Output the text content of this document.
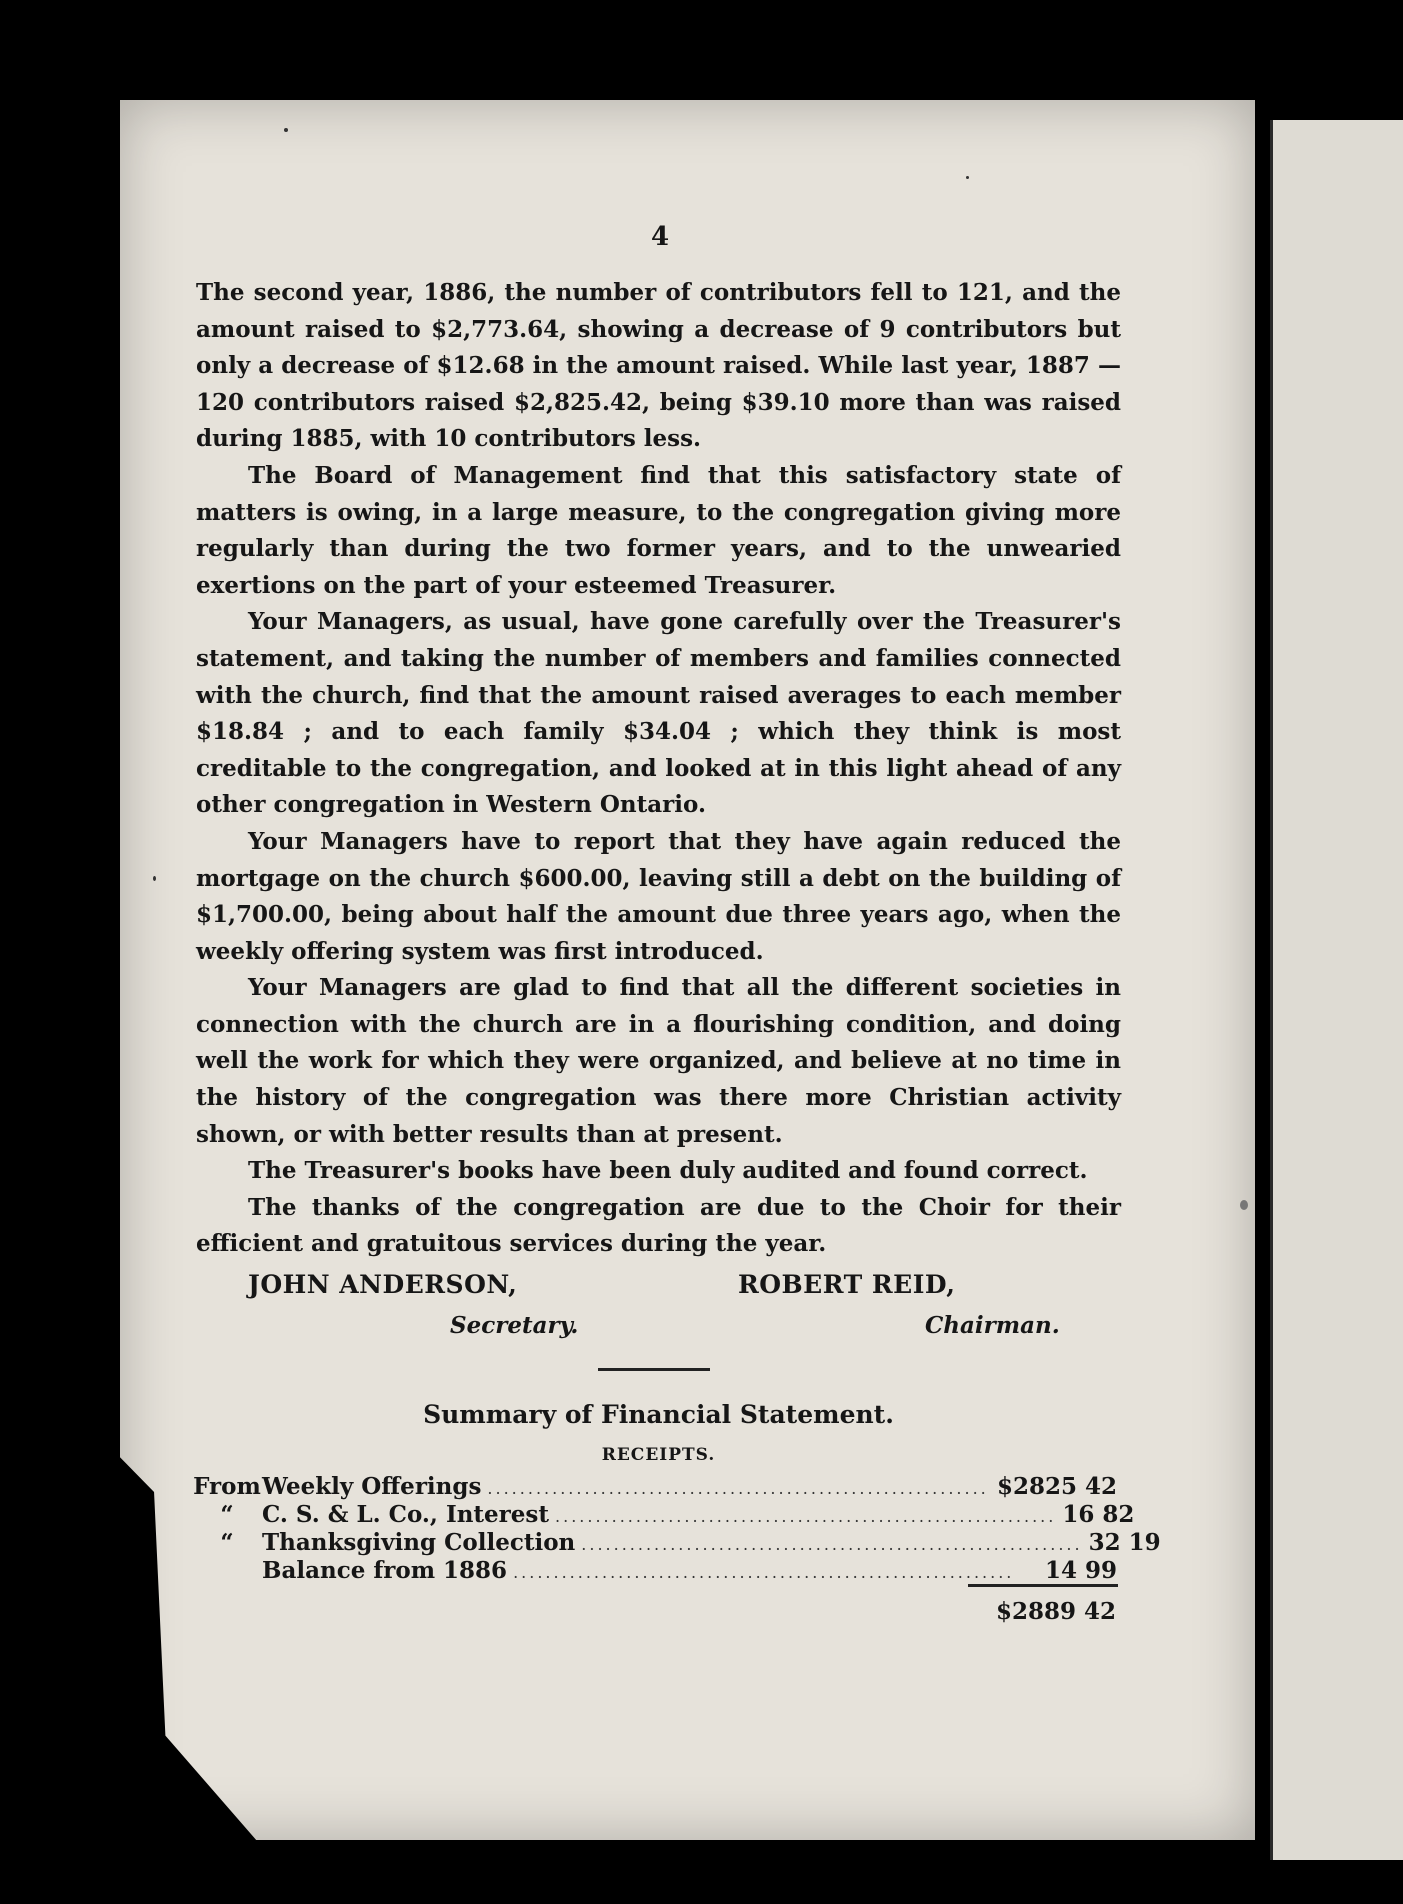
4

The second year, 1886, the number of contributors fell to 121, and the amount raised to $2,773.64, showing a decrease of 9 contributors but only a decrease of $12.68 in the amount raised. While last year, 1887 —120 contributors raised $2,825.42, being $39.10 more than was raised during 1885, with 10 contributors less.

The Board of Management find that this satisfactory state of matters is owing, in a large measure, to the congregation giving more regularly than during the two former years, and to the unwearied exertions on the part of your esteemed Treasurer.

Your Managers, as usual, have gone carefully over the Treasurer's statement, and taking the number of members and families connected with the church, find that the amount raised averages to each member $18.84 ; and to each family $34.04 ; which they think is most creditable to the congregation, and looked at in this light ahead of any other congregation in Western Ontario.

Your Managers have to report that they have again reduced the mortgage on the church $600.00, leaving still a debt on the building of $1,700.00, being about half the amount due three years ago, when the weekly offering system was first introduced.

Your Managers are glad to find that all the different societies in connection with the church are in a flourishing condition, and doing well the work for which they were organized, and believe at no time in the history of the congregation was there more Christian activity shown, or with better results than at present.

The Treasurer's books have been duly audited and found correct.

The thanks of the congregation are due to the Choir for their efficient and gratuitous services during the year.

JOHN ANDERSON,	ROBERT REID,
Secretary.	Chairman.
Summary of Financial Statement.
RECEIPTS.
FromWeekly Offerings .............................................................. $2825 42
“ C. S. & L. Co., Interest .............................................................. 16 82
“ Thanksgiving Collection .............................................................. 32 19
Balance from 1886 ..............................................................	14 99
$2889 42
